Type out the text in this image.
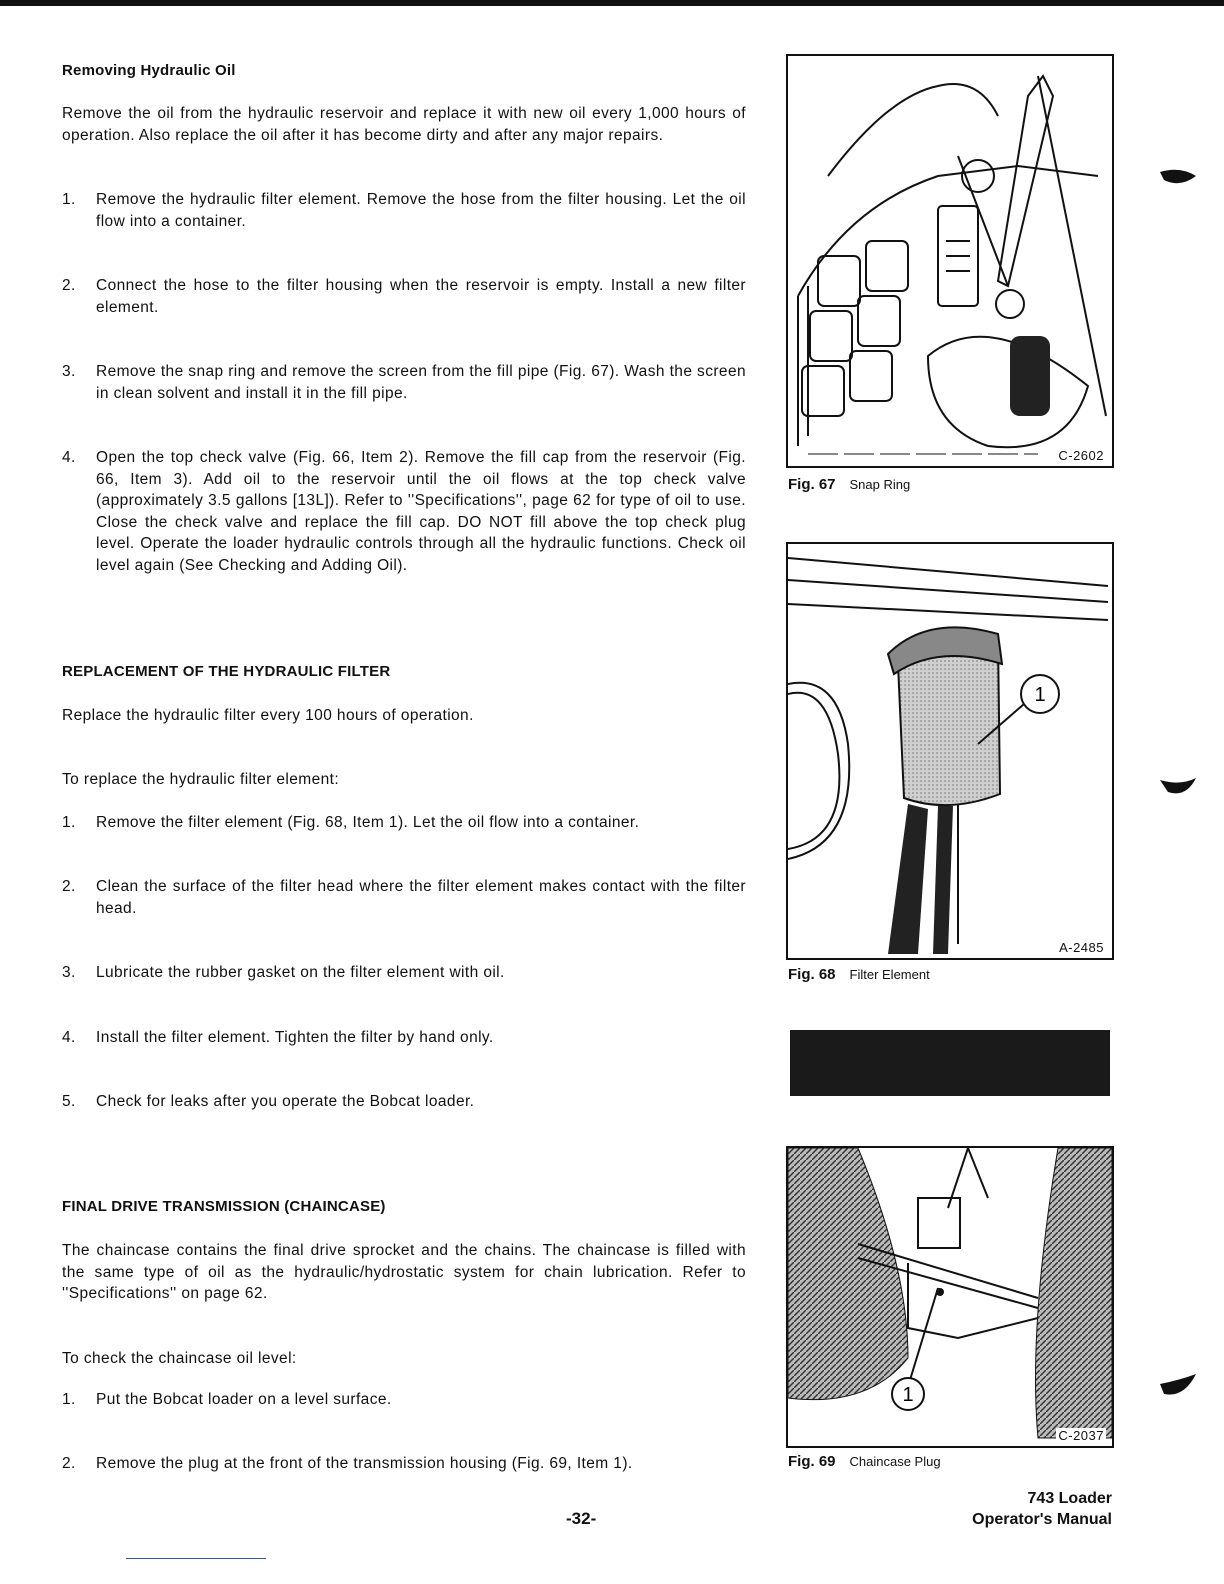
Removing Hydraulic Oil
Remove the oil from the hydraulic reservoir and replace it with new oil every 1,000 hours of operation. Also replace the oil after it has become dirty and after any major repairs.
1.	Remove the hydraulic filter element. Remove the hose from the filter housing. Let the oil flow into a container.
2.	Connect the hose to the filter housing when the reservoir is empty. Install a new filter element.
3.	Remove the snap ring and remove the screen from the fill pipe (Fig. 67). Wash the screen in clean solvent and install it in the fill pipe.
4.	Open the top check valve (Fig. 66, Item 2). Remove the fill cap from the reservoir (Fig. 66, Item 3). Add oil to the reservoir until the oil flows at the top check valve (approximately 3.5 gallons [13L]). Refer to ''Specifications'', page 62 for type of oil to use. Close the check valve and replace the fill cap. DO NOT fill above the top check plug level. Operate the loader hydraulic controls through all the hydraulic functions. Check oil level again (See Checking and Adding Oil).
REPLACEMENT OF THE HYDRAULIC FILTER
Replace the hydraulic filter every 100 hours of operation.
To replace the hydraulic filter element:
1.	Remove the filter element (Fig. 68, Item 1). Let the oil flow into a container.
2.	Clean the surface of the filter head where the filter element makes contact with the filter head.
3.	Lubricate the rubber gasket on the filter element with oil.
4.	Install the filter element. Tighten the filter by hand only.
5.	Check for leaks after you operate the Bobcat loader.
FINAL DRIVE TRANSMISSION (CHAINCASE)
The chaincase contains the final drive sprocket and the chains. The chaincase is filled with the same type of oil as the hydraulic/hydrostatic system for chain lubrication. Refer to ''Specifications'' on page 62.
To check the chaincase oil level:
1.	Put the Bobcat loader on a level surface.
2.	Remove the plug at the front of the transmission housing (Fig. 69, Item 1).
C-2602
Fig. 67 Snap Ring
1
A-2485
Fig. 68 Filter Element
1
C-2037
Fig. 69 Chaincase Plug
-32-
743 Loader
Operator's Manual
